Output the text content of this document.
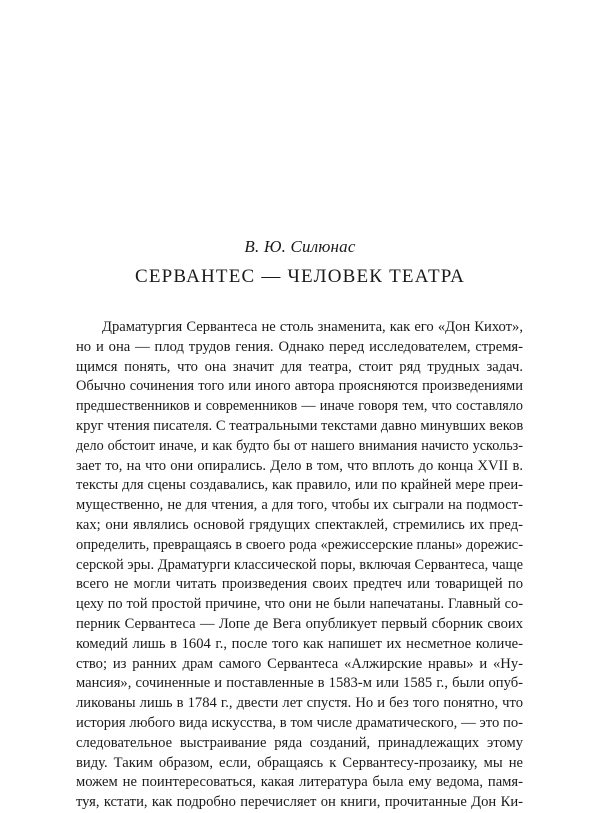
В. Ю. Силюнас
СЕРВАНТЕС — ЧЕЛОВЕК ТЕАТРА
Драматургия Сервантеса не столь знаменита, как его «Дон Кихот»,
но и она — плод трудов гения. Однако перед исследователем, стремя-
щимся понять, что она значит для театра, стоит ряд трудных задач.
Обычно сочинения того или иного автора проясняются произведениями
предшественников и современников — иначе говоря тем, что составляло
круг чтения писателя. С театральными текстами давно минувших веков
дело обстоит иначе, и как будто бы от нашего внимания начисто ускольз-
зает то, на что они опирались. Дело в том, что вплоть до конца XVII в.
тексты для сцены создавались, как правило, или по крайней мере преи-
мущественно, не для чтения, а для того, чтобы их сыграли на подмост-
ках; они являлись основой грядущих спектаклей, стремились их пред-
определить, превращаясь в своего рода «режиссерские планы» дорежис-
серской эры. Драматурги классической поры, включая Сервантеса, чаще
всего не могли читать произведения своих предтеч или товарищей по
цеху по той простой причине, что они не были напечатаны. Главный со-
перник Сервантеса — Лопе де Вега опубликует первый сборник своих
комедий лишь в 1604 г., после того как напишет их несметное количе-
ство; из ранних драм самого Сервантеса «Алжирские нравы» и «Ну-
мансия», сочиненные и поставленные в 1583-м или 1585 г., были опуб-
ликованы лишь в 1784 г., двести лет спустя. Но и без того понятно, что
история любого вида искусства, в том числе драматического, — это по-
следовательное выстраивание ряда созданий, принадлежащих этому
виду. Таким образом, если, обращаясь к Сервантесу-прозаику, мы не
можем не поинтересоваться, какая литература была ему ведома, памя-
туя, кстати, как подробно перечисляет он книги, прочитанные Дон Ки-
